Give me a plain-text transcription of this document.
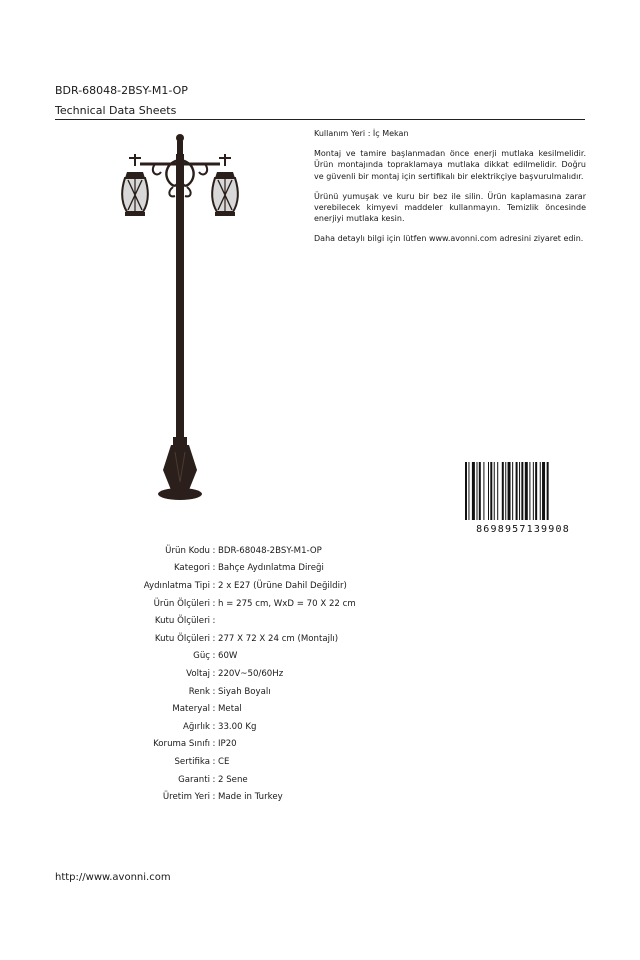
BDR-68048-2BSY-M1-OP
Technical Data Sheets

Kullanım Yeri : İç Mekan

Montaj ve tamire başlanmadan önce enerji mutlaka kesilmelidir. Ürün montajında topraklamaya mutlaka dikkat edilmelidir. Doğru ve güvenli bir montaj için sertifikalı bir elektrikçiye başvurulmalıdır.

Ürünü yumuşak ve kuru bir bez ile silin. Ürün kaplamasına zarar verebilecek kimyevi maddeler kullanmayın. Temizlik öncesinde enerjiyi mutlaka kesin.

Daha detaylı bilgi için lütfen www.avonni.com adresini ziyaret edin.

8698957139908
Ürün Kodu : BDR-68048-2BSY-M1-OP
Kategori : Bahçe Aydınlatma Direği
Aydınlatma Tipi : 2 x E27 (Ürüne Dahil Değildir)
Ürün Ölçüleri : h = 275 cm, WxD = 70 X 22 cm
Kutu Ölçüleri :
Kutu Ölçüleri : 277 X 72 X 24 cm (Montajlı)
Güç : 60W
Voltaj : 220V~50/60Hz
Renk : Siyah Boyalı
Materyal : Metal
Ağırlık : 33.00 Kg
Koruma Sınıfı : IP20
Sertifika : CE
Garanti : 2 Sene
Üretim Yeri : Made in Turkey
http://www.avonni.com
